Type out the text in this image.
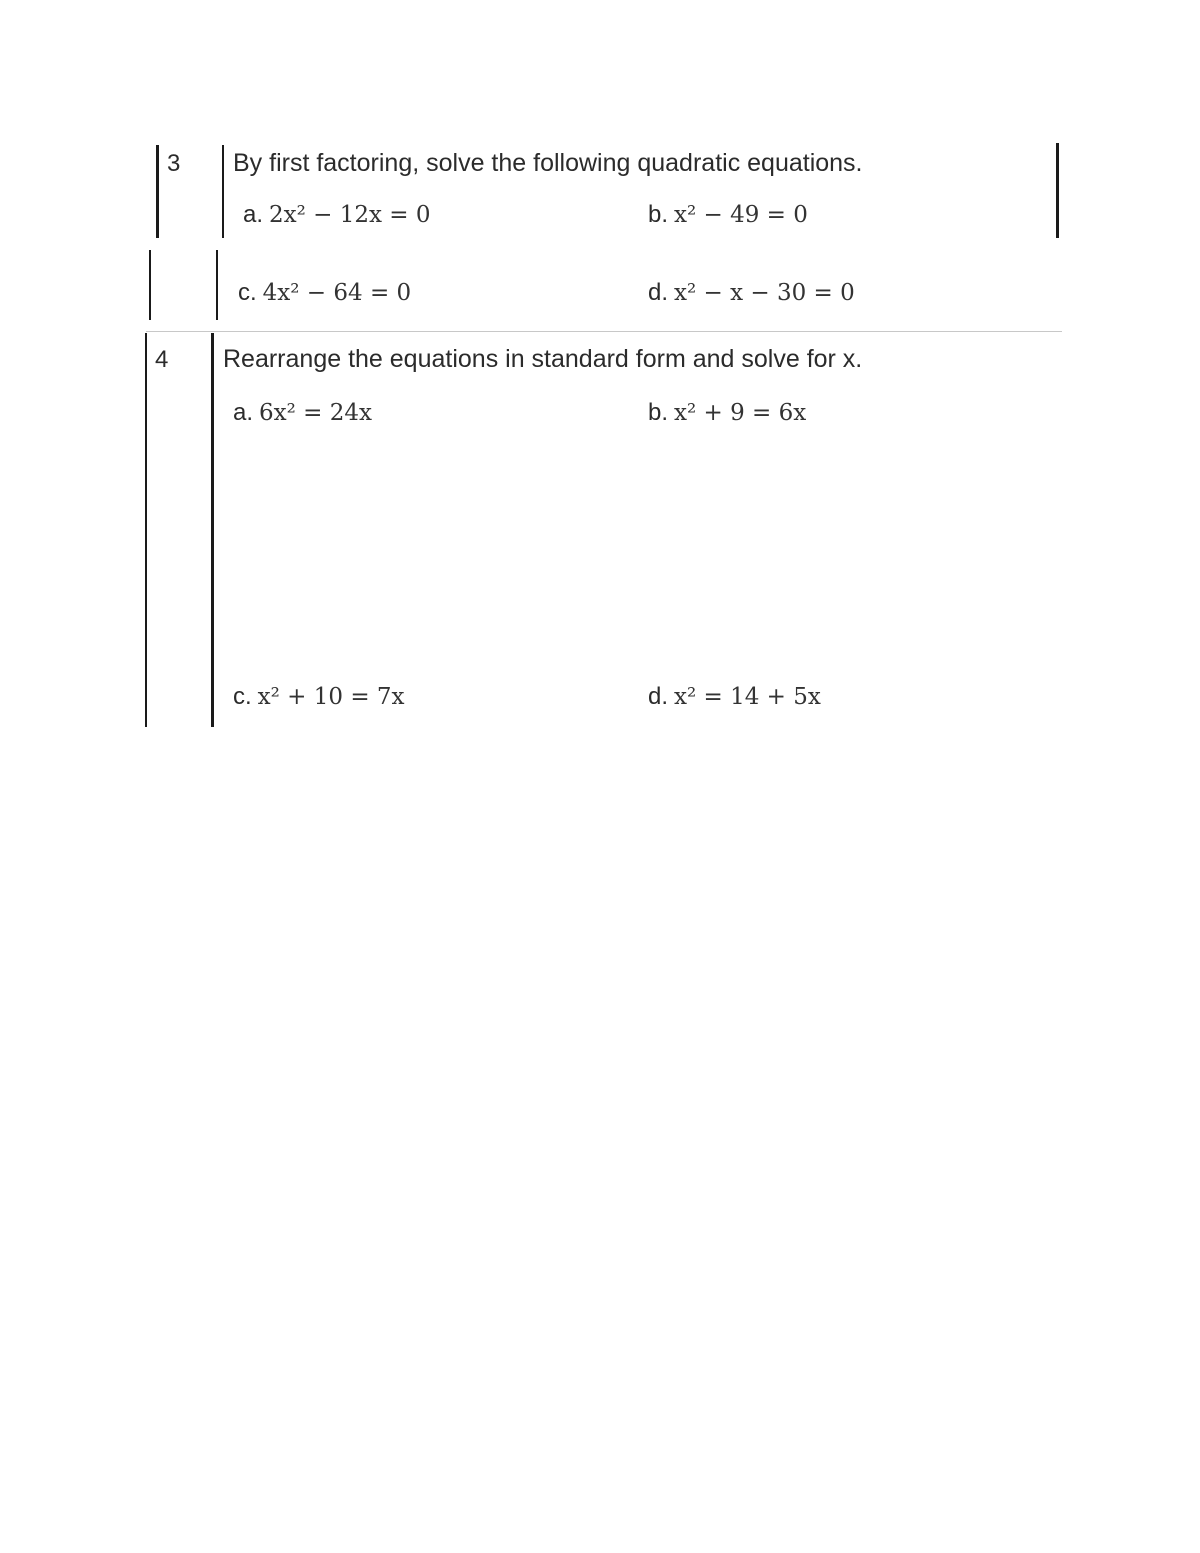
3 By first factoring, solve the following quadratic equations.
a. 2x² − 12x = 0	b. x² − 49 = 0
c. 4x² − 64 = 0	d. x² − x − 30 = 0
4 Rearrange the equations in standard form and solve for x.
a. 6x² = 24x	b. x² + 9 = 6x
c. x² + 10 = 7x	d. x² = 14 + 5x
